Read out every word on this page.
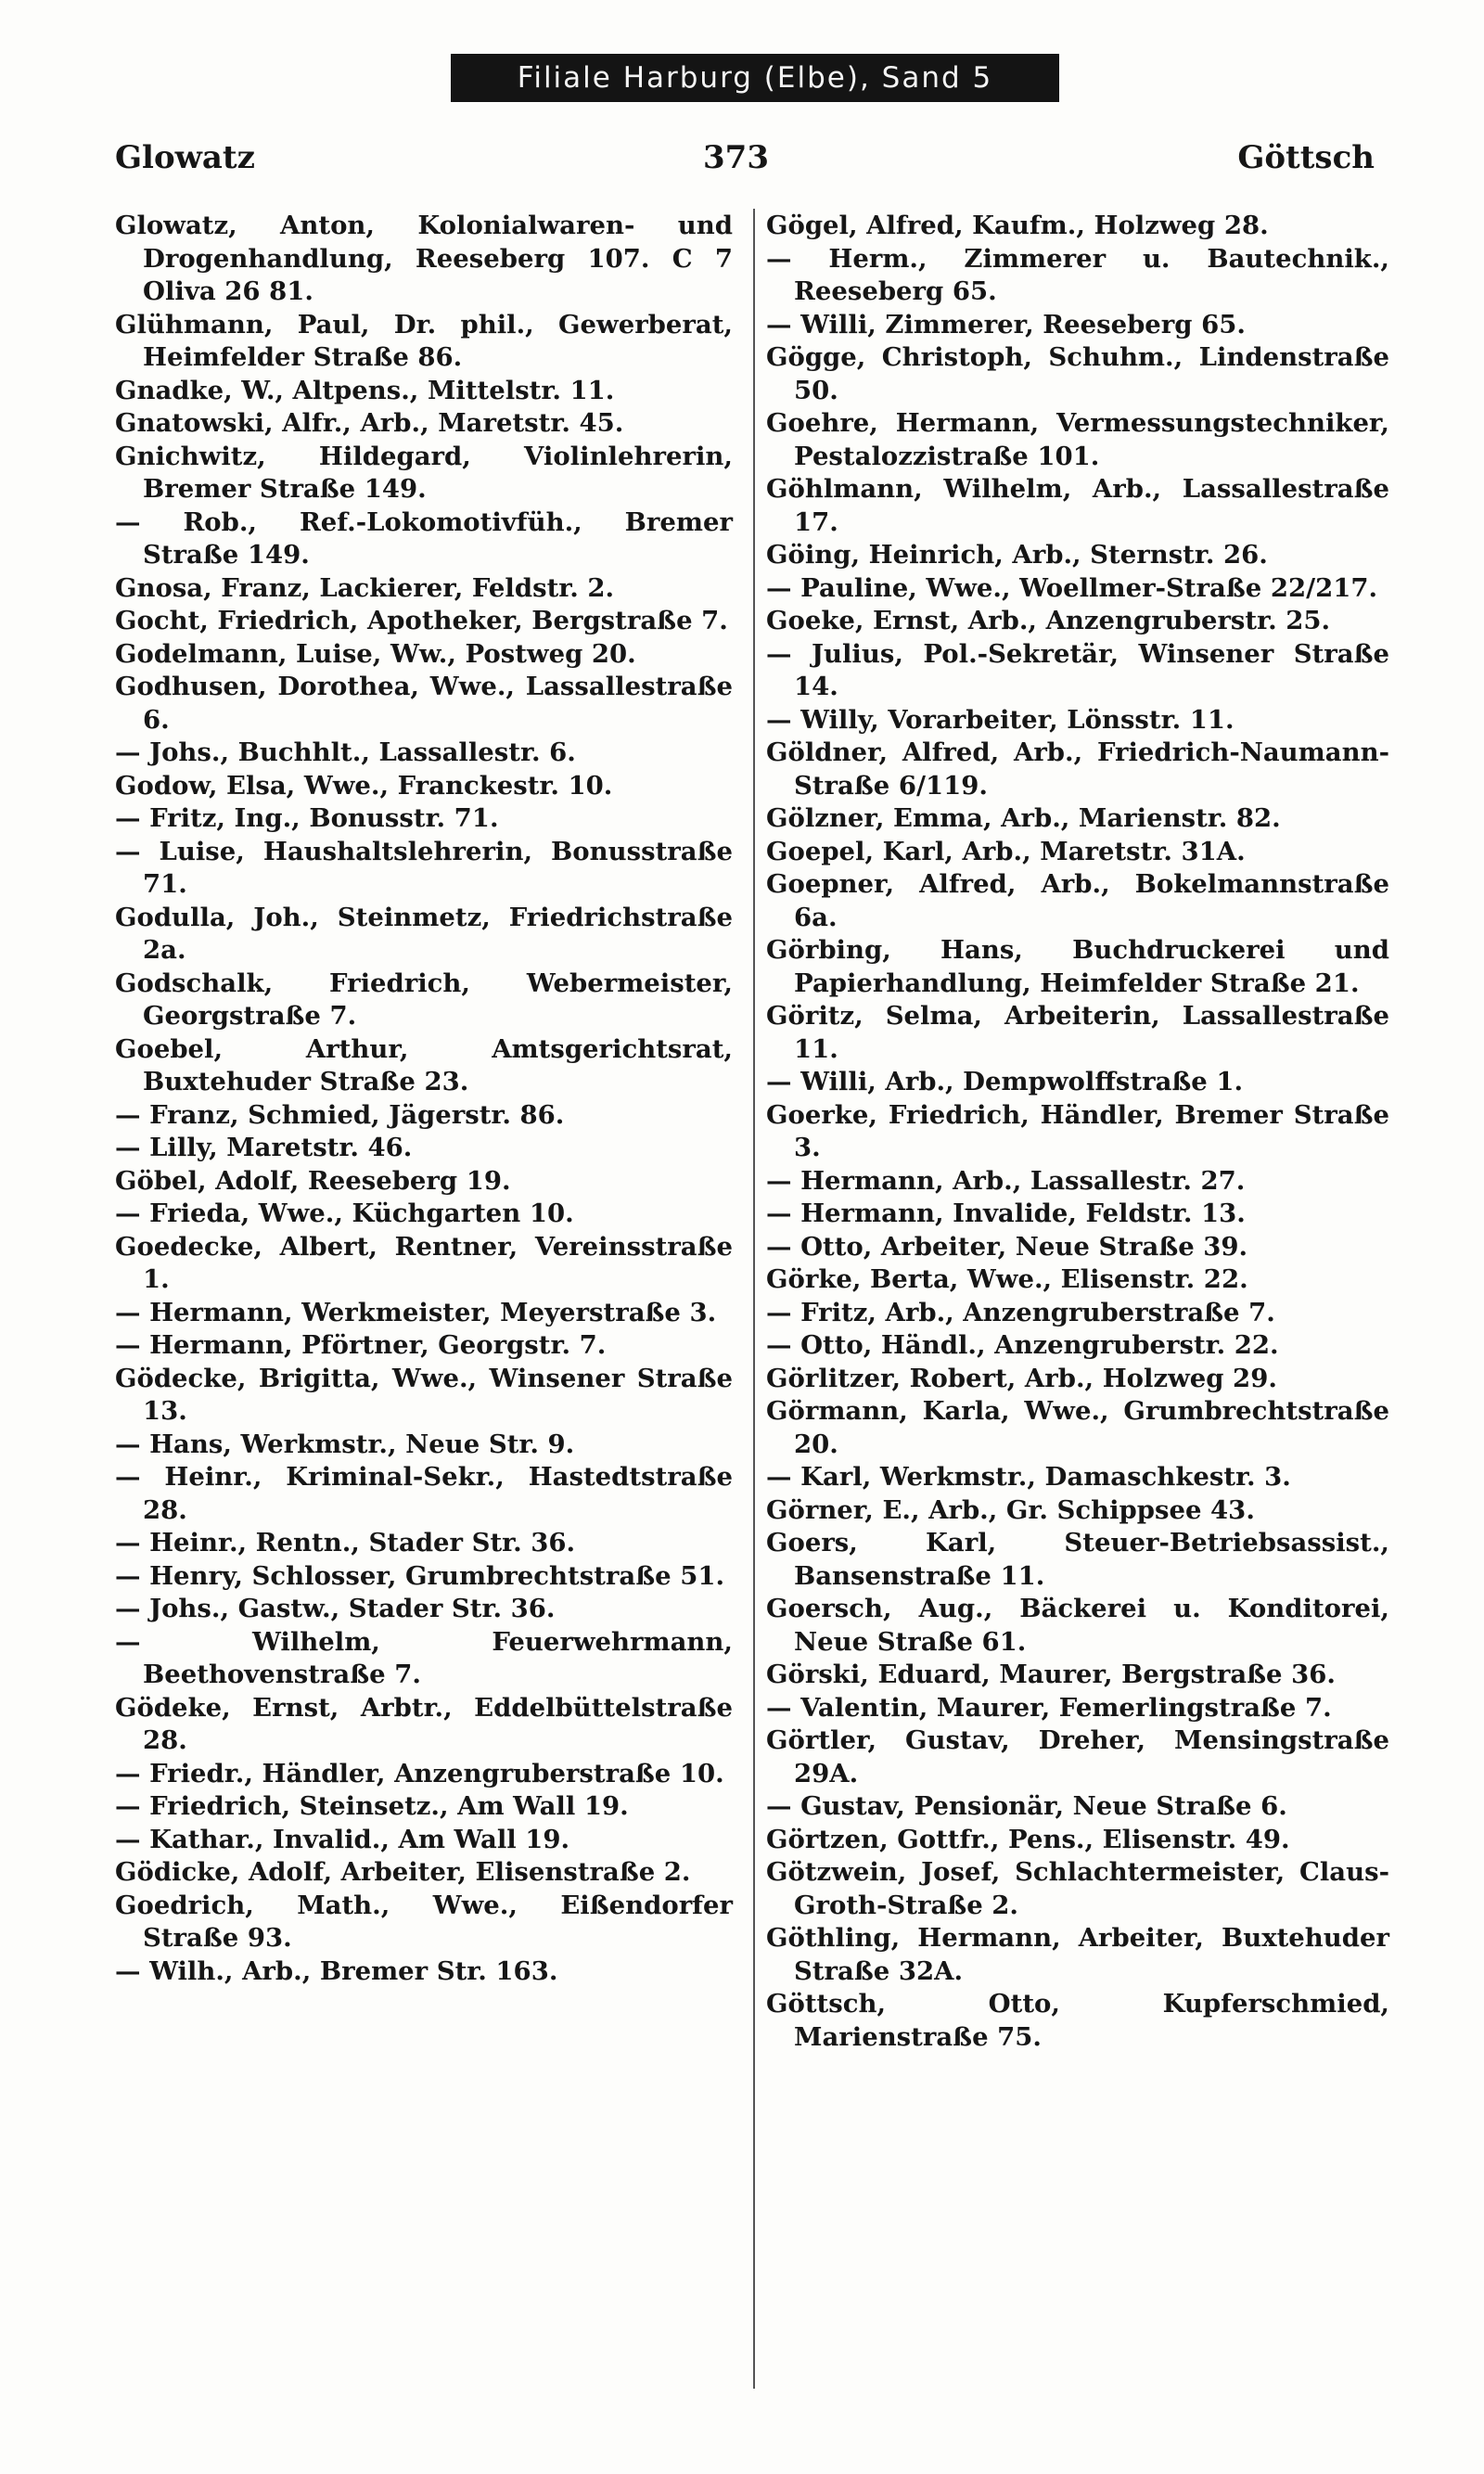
Filiale Harburg (Elbe), Sand 5
Glowatz	373	Göttsch

Glowatz, Anton, Kolonialwaren- und Drogenhandlung, Reeseberg 107. C 7 Oliva 26 81.

Glühmann, Paul, Dr. phil., Gewerberat, Heimfelder Straße 86.

Gnadke, W., Altpens., Mittelstr. 11.

Gnatowski, Alfr., Arb., Maretstr. 45.

Gnichwitz, Hildegard, Violinlehrerin, Bremer Straße 149.

— Rob., Ref.-Lokomotivfüh., Bremer Straße 149.

Gnosa, Franz, Lackierer, Feldstr. 2.

Gocht, Friedrich, Apotheker, Bergstraße 7.

Godelmann, Luise, Ww., Postweg 20.

Godhusen, Dorothea, Wwe., Lassallestraße 6.

— Johs., Buchhlt., Lassallestr. 6.

Godow, Elsa, Wwe., Franckestr. 10.

— Fritz, Ing., Bonusstr. 71.

— Luise, Haushaltslehrerin, Bonusstraße 71.

Godulla, Joh., Steinmetz, Friedrichstraße 2a.

Godschalk, Friedrich, Webermeister, Georgstraße 7.

Goebel, Arthur, Amtsgerichtsrat, Buxtehuder Straße 23.

— Franz, Schmied, Jägerstr. 86.

— Lilly, Maretstr. 46.

Göbel, Adolf, Reeseberg 19.

— Frieda, Wwe., Küchgarten 10.

Goedecke, Albert, Rentner, Vereinsstraße 1.

— Hermann, Werkmeister, Meyerstraße 3.

— Hermann, Pförtner, Georgstr. 7.

Gödecke, Brigitta, Wwe., Winsener Straße 13.

— Hans, Werkmstr., Neue Str. 9.

— Heinr., Kriminal-Sekr., Hastedtstraße 28.

— Heinr., Rentn., Stader Str. 36.

— Henry, Schlosser, Grumbrechtstraße 51.

— Johs., Gastw., Stader Str. 36.

— Wilhelm, Feuerwehrmann, Beethovenstraße 7.

Gödeke, Ernst, Arbtr., Eddelbüttelstraße 28.

— Friedr., Händler, Anzengruberstraße 10.

— Friedrich, Steinsetz., Am Wall 19.

— Kathar., Invalid., Am Wall 19.

Gödicke, Adolf, Arbeiter, Elisenstraße 2.

Goedrich, Math., Wwe., Eißendorfer Straße 93.

— Wilh., Arb., Bremer Str. 163.

Gögel, Alfred, Kaufm., Holzweg 28.

— Herm., Zimmerer u. Bautechnik., Reeseberg 65.

— Willi, Zimmerer, Reeseberg 65.

Gögge, Christoph, Schuhm., Lindenstraße 50.

Goehre, Hermann, Vermessungstechniker, Pestalozzistraße 101.

Göhlmann, Wilhelm, Arb., Lassallestraße 17.

Göing, Heinrich, Arb., Sternstr. 26.

— Pauline, Wwe., Woellmer-Straße 22/217.

Goeke, Ernst, Arb., Anzengruberstr. 25.

— Julius, Pol.-Sekretär, Winsener Straße 14.

— Willy, Vorarbeiter, Lönsstr. 11.

Göldner, Alfred, Arb., Friedrich-Naumann-Straße 6/119.

Gölzner, Emma, Arb., Marienstr. 82.

Goepel, Karl, Arb., Maretstr. 31A.

Goepner, Alfred, Arb., Bokelmannstraße 6a.

Görbing, Hans, Buchdruckerei und Papierhandlung, Heimfelder Straße 21.

Göritz, Selma, Arbeiterin, Lassallestraße 11.

— Willi, Arb., Dempwolffstraße 1.

Goerke, Friedrich, Händler, Bremer Straße 3.

— Hermann, Arb., Lassallestr. 27.

— Hermann, Invalide, Feldstr. 13.

— Otto, Arbeiter, Neue Straße 39.

Görke, Berta, Wwe., Elisenstr. 22.

— Fritz, Arb., Anzengruberstraße 7.

— Otto, Händl., Anzengruberstr. 22.

Görlitzer, Robert, Arb., Holzweg 29.

Görmann, Karla, Wwe., Grumbrechtstraße 20.

— Karl, Werkmstr., Damaschkestr. 3.

Görner, E., Arb., Gr. Schippsee 43.

Goers, Karl, Steuer-Betriebsassist., Bansenstraße 11.

Goersch, Aug., Bäckerei u. Konditorei, Neue Straße 61.

Görski, Eduard, Maurer, Bergstraße 36.

— Valentin, Maurer, Femerlingstraße 7.

Görtler, Gustav, Dreher, Mensingstraße 29A.

— Gustav, Pensionär, Neue Straße 6.

Görtzen, Gottfr., Pens., Elisenstr. 49.

Götzwein, Josef, Schlachtermeister, Claus-Groth-Straße 2.

Göthling, Hermann, Arbeiter, Buxtehuder Straße 32A.

Göttsch, Otto, Kupferschmied, Marienstraße 75.
